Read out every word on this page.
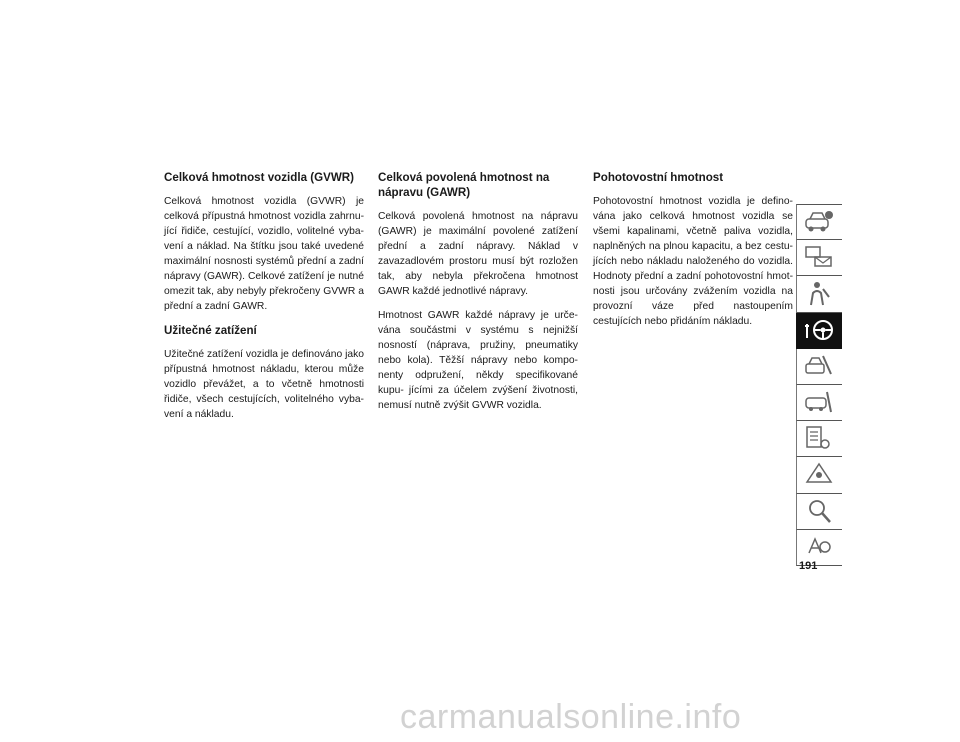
Celková hmotnost vozidla (GVWR)

Celková hmotnost vozidla (GVWR) je celková přípustná hmotnost vozidla zahrnu- jící řidiče, cestující, vozidlo, volitelné vyba- vení a náklad. Na štítku jsou také uvedené maximální nosnosti systémů přední a zadní nápravy (GAWR). Celkové zatížení je nutné omezit tak, aby nebyly překročeny GVWR a přední a zadní GAWR.

Užitečné zatížení

Užitečné zatížení vozidla je definováno jako přípustná hmotnost nákladu, kterou může vozidlo převážet, a to včetně hmotnosti řidiče, všech cestujících, volitelného vyba- vení a nákladu.

Celková povolená hmotnost na nápravu (GAWR)

Celková povolená hmotnost na nápravu (GAWR) je maximální povolené zatížení přední a zadní nápravy. Náklad v zavazadlovém prostoru musí být rozložen tak, aby nebyla překročena hmotnost GAWR každé jednotlivé nápravy.

Hmotnost GAWR každé nápravy je urče- vána součástmi v systému s nejnižší nosností (náprava, pružiny, pneumatiky nebo kola). Těžší nápravy nebo kompo- nenty odpružení, někdy specifikované kupu- jícími za účelem zvýšení životnosti, nemusí nutně zvýšit GVWR vozidla.

Pohotovostní hmotnost

Pohotovostní hmotnost vozidla je defino- vána jako celková hmotnost vozidla se všemi kapalinami, včetně paliva vozidla, naplněných na plnou kapacitu, a bez cestu- jících nebo nákladu naloženého do vozidla. Hodnoty přední a zadní pohotovostní hmot- nosti jsou určovány zvážením vozidla na provozní váze před nastoupením cestujících nebo přidáním nákladu.

191
carmanualsonline.info
